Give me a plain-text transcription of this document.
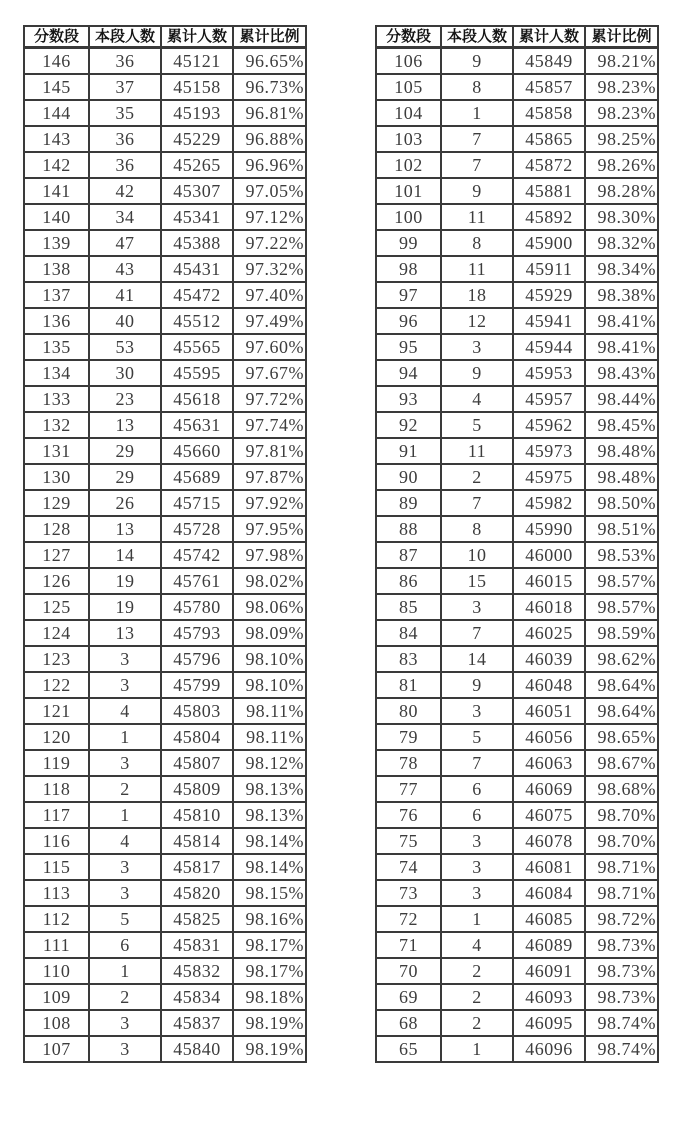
分数段	本段人数	累计人数	累计比例
146	36	45121	96.65%
145	37	45158	96.73%
144	35	45193	96.81%
143	36	45229	96.88%
142	36	45265	96.96%
141	42	45307	97.05%
140	34	45341	97.12%
139	47	45388	97.22%
138	43	45431	97.32%
137	41	45472	97.40%
136	40	45512	97.49%
135	53	45565	97.60%
134	30	45595	97.67%
133	23	45618	97.72%
132	13	45631	97.74%
131	29	45660	97.81%
130	29	45689	97.87%
129	26	45715	97.92%
128	13	45728	97.95%
127	14	45742	97.98%
126	19	45761	98.02%
125	19	45780	98.06%
124	13	45793	98.09%
123	3	45796	98.10%
122	3	45799	98.10%
121	4	45803	98.11%
120	1	45804	98.11%
119	3	45807	98.12%
118	2	45809	98.13%
117	1	45810	98.13%
116	4	45814	98.14%
115	3	45817	98.14%
113	3	45820	98.15%
112	5	45825	98.16%
111	6	45831	98.17%
110	1	45832	98.17%
109	2	45834	98.18%
108	3	45837	98.19%
107	3	45840	98.19%
分数段	本段人数	累计人数	累计比例
106	9	45849	98.21%
105	8	45857	98.23%
104	1	45858	98.23%
103	7	45865	98.25%
102	7	45872	98.26%
101	9	45881	98.28%
100	11	45892	98.30%
99	8	45900	98.32%
98	11	45911	98.34%
97	18	45929	98.38%
96	12	45941	98.41%
95	3	45944	98.41%
94	9	45953	98.43%
93	4	45957	98.44%
92	5	45962	98.45%
91	11	45973	98.48%
90	2	45975	98.48%
89	7	45982	98.50%
88	8	45990	98.51%
87	10	46000	98.53%
86	15	46015	98.57%
85	3	46018	98.57%
84	7	46025	98.59%
83	14	46039	98.62%
81	9	46048	98.64%
80	3	46051	98.64%
79	5	46056	98.65%
78	7	46063	98.67%
77	6	46069	98.68%
76	6	46075	98.70%
75	3	46078	98.70%
74	3	46081	98.71%
73	3	46084	98.71%
72	1	46085	98.72%
71	4	46089	98.73%
70	2	46091	98.73%
69	2	46093	98.73%
68	2	46095	98.74%
65	1	46096	98.74%
